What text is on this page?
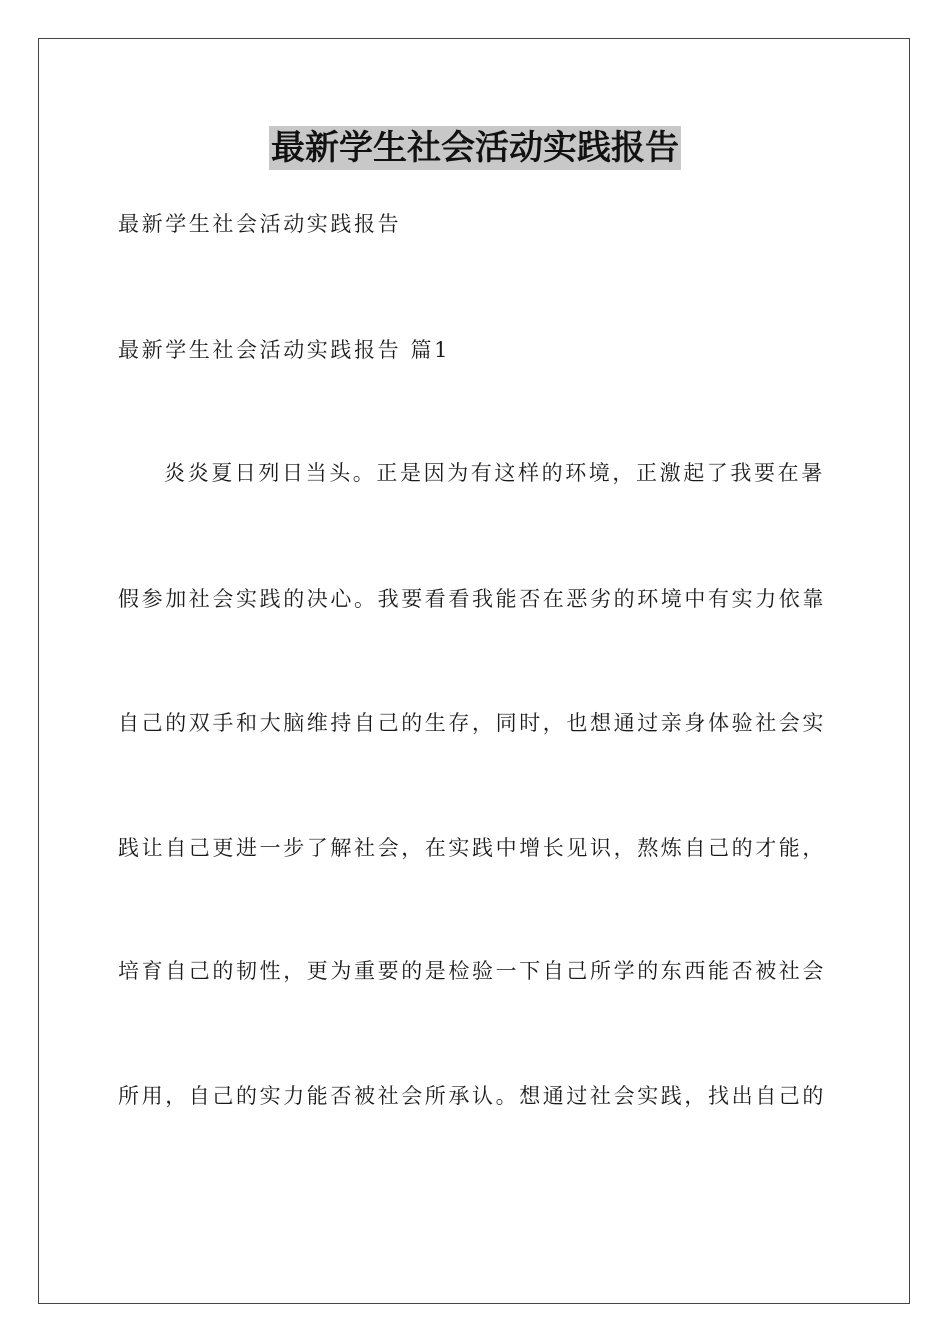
最新学生社会活动实践报告
最新学生社会活动实践报告
最新学生社会活动实践报告 篇1
炎炎夏日列日当头。正是因为有这样的环境，正激起了我要在暑
假参加社会实践的决心。我要看看我能否在恶劣的环境中有实力依靠
自己的双手和大脑维持自己的生存，同时，也想通过亲身体验社会实
践让自己更进一步了解社会，在实践中增长见识，熬炼自己的才能，
培育自己的韧性，更为重要的是检验一下自己所学的东西能否被社会
所用，自己的实力能否被社会所承认。想通过社会实践，找出自己的
